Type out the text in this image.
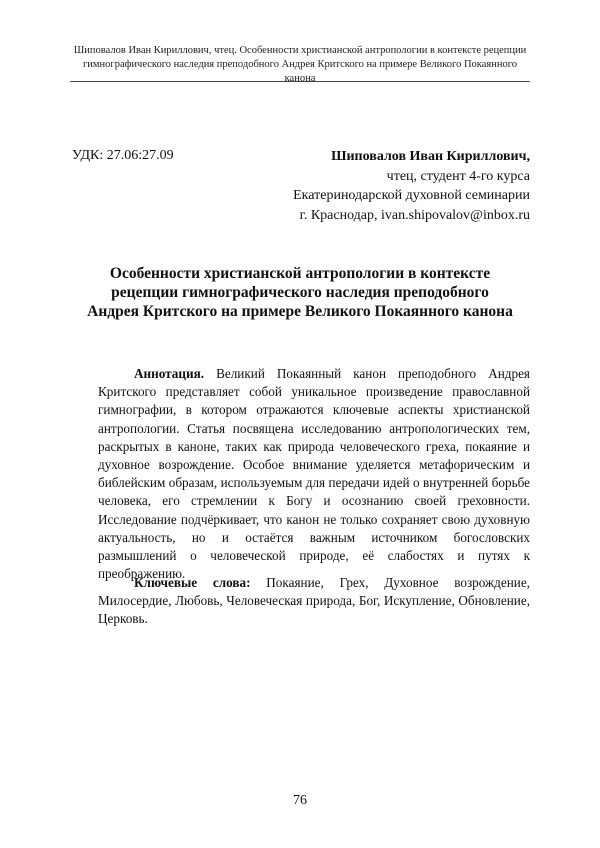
Шиповалов Иван Кириллович, чтец. Особенности христианской антропологии в контексте рецепции
гимнографического наследия преподобного Андрея Критского на примере Великого Покаянного канона
УДК: 27.06:27.09	Шиповалов Иван Кириллович,
чтец, студент 4-го курса
Екатеринодарской духовной семинарии
г. Краснодар, ivan.shipovalov@inbox.ru
Особенности христианской антропологии в контексте
рецепции гимнографического наследия преподобного
Андрея Критского на примере Великого Покаянного канона

Аннотация. Великий Покаянный канон преподобного Андрея Критского представляет собой уникальное произведение православной гимнографии, в котором отражаются ключевые аспекты христианской антропологии. Статья посвящена исследованию антропологических тем, раскрытых в каноне, таких как природа человеческого греха, покаяние и духовное возрождение. Особое внимание уделяется метафорическим и библейским образам, используемым для передачи идей о внутренней борьбе человека, его стремлении к Богу и осознанию своей греховности. Исследование подчёркивает, что канон не только сохраняет свою духовную актуальность, но и остаётся важным источником богословских размышлений о человеческой природе, её слабостях и путях к преображению.

Ключевые слова: Покаяние, Грех, Духовное возрождение, Милосердие, Любовь, Человеческая природа, Бог, Искупление, Обновление, Церковь.

76
